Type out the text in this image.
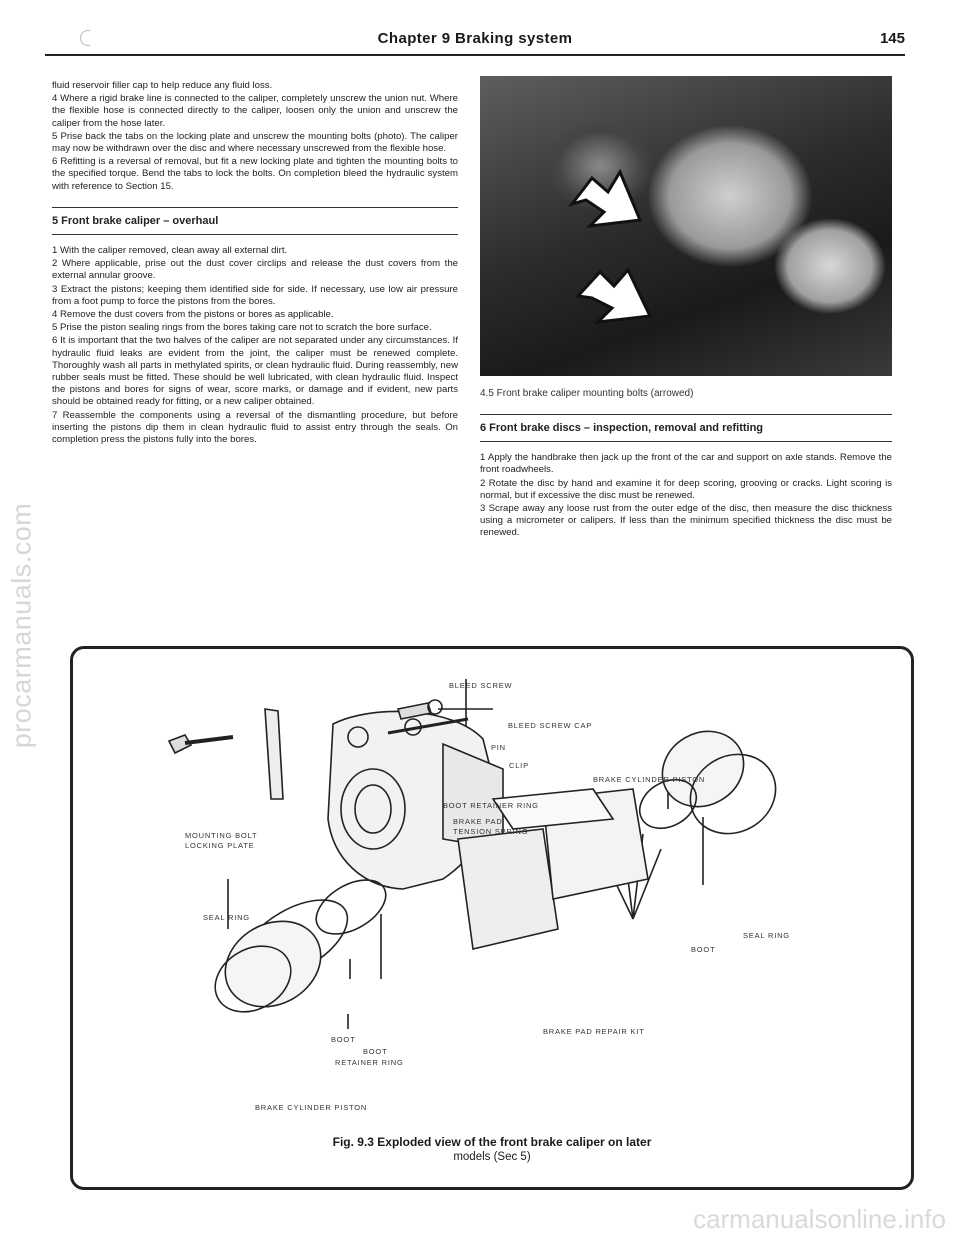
procarmanuals.com
carmanualsonline.info
Chapter 9 Braking system	145

fluid reservoir filler cap to help reduce any fluid loss.

4 Where a rigid brake line is connected to the caliper, completely unscrew the union nut. Where the flexible hose is connected directly to the caliper, loosen only the union and unscrew the caliper from the hose later.

5 Prise back the tabs on the locking plate and unscrew the mounting bolts (photo). The caliper may now be withdrawn over the disc and where necessary unscrewed from the flexible hose.

6 Refitting is a reversal of removal, but fit a new locking plate and tighten the mounting bolts to the specified torque. Bend the tabs to lock the bolts. On completion bleed the hydraulic system with reference to Section 15.

5 Front brake caliper – overhaul

1 With the caliper removed, clean away all external dirt.

2 Where applicable, prise out the dust cover circlips and release the dust covers from the external annular groove.

3 Extract the pistons; keeping them identified side for side. If necessary, use low air pressure from a foot pump to force the pistons from the bores.

4 Remove the dust covers from the pistons or bores as applicable.

5 Prise the piston sealing rings from the bores taking care not to scratch the bore surface.

6 It is important that the two halves of the caliper are not separated under any circumstances. If hydraulic fluid leaks are evident from the joint, the caliper must be renewed complete. Thoroughly wash all parts in methylated spirits, or clean hydraulic fluid. During reassembly, new rubber seals must be fitted. These should be well lubricated, with clean hydraulic fluid. Inspect the pistons and bores for signs of wear, score marks, or damage and if evident, new parts should be obtained ready for fitting, or a new caliper obtained.

7 Reassemble the components using a reversal of the dismantling procedure, but before inserting the pistons dip them in clean hydraulic fluid to assist entry through the seals. On completion press the pistons fully into the bores.

4.5 Front brake caliper mounting bolts (arrowed)
6 Front brake discs – inspection, removal and refitting

1 Apply the handbrake then jack up the front of the car and support on axle stands. Remove the front roadwheels.

2 Rotate the disc by hand and examine it for deep scoring, grooving or cracks. Light scoring is normal, but if excessive the disc must be renewed.

3 Scrape away any loose rust from the outer edge of the disc, then measure the disc thickness using a micrometer or calipers. If less than the minimum specified thickness the disc must be renewed.

BLEED SCREW
BLEED SCREW CAP
PIN
CLIP
BRAKE CYLINDER PISTON
BOOT RETAINER RING
BRAKE PAD TENSION SPRING
MOUNTING BOLT
LOCKING PLATE
SEAL RING
SEAL RING
BOOT
BOOT
BOOT
RETAINER RING
BRAKE PAD REPAIR KIT
BRAKE CYLINDER PISTON
Fig. 9.3 Exploded view of the front brake caliper on later
models (Sec 5)
